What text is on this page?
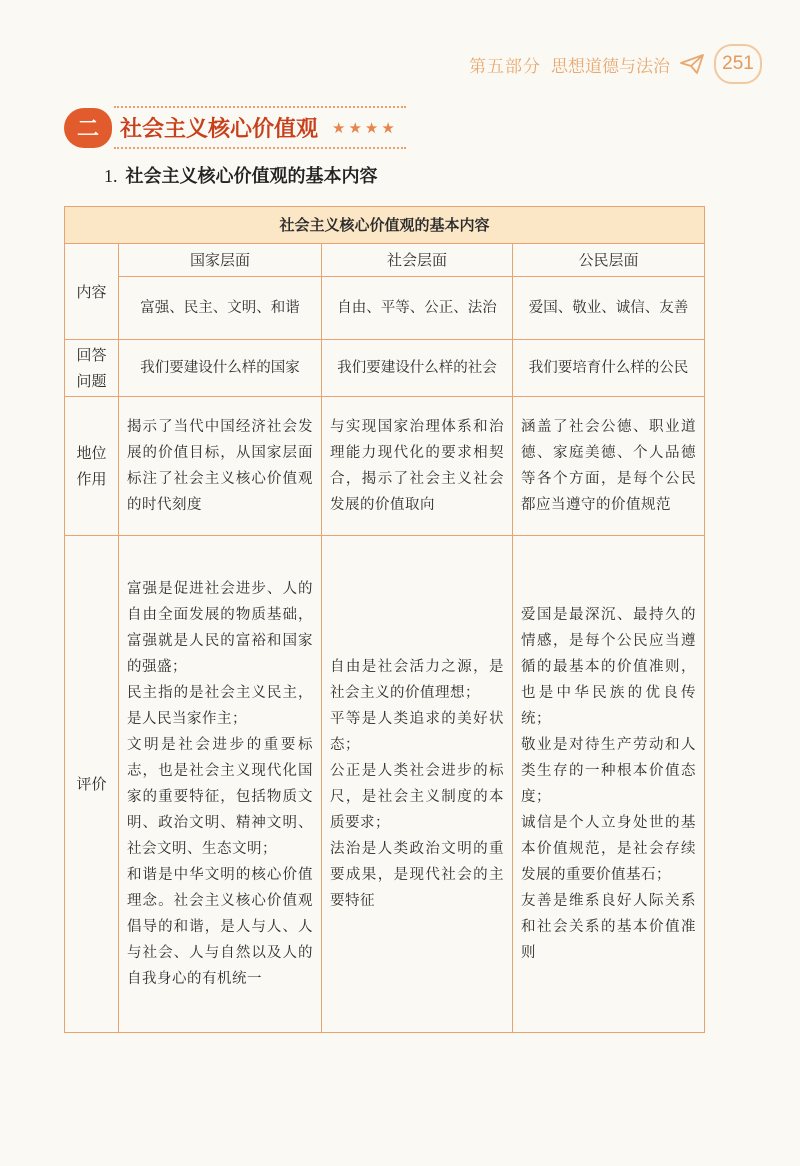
第五部分 思想道德与法治	251
二 社会主义核心价值观 ★★★★
1. 社会主义核心价值观的基本内容
社会主义核心价值观的基本内容			
内容	国家层面	社会层面	公民层面
	富强、民主、文明、和谐	自由、平等、公正、法治	爱国、敬业、诚信、友善
回答问题	我们要建设什么样的国家	我们要建设什么样的社会	我们要培育什么样的公民
地位作用	揭示了当代中国经济社会发展的价值目标，从国家层面标注了社会主义核心价值观的时代刻度	与实现国家治理体系和治理能力现代化的要求相契合，揭示了社会主义社会发展的价值取向	涵盖了社会公德、职业道德、家庭美德、个人品德等各个方面，是每个公民都应当遵守的价值规范
评价	富强是促进社会进步、人的自由全面发展的物质基础，富强就是人民的富裕和国家的强盛；
民主指的是社会主义民主，是人民当家作主；
文明是社会进步的重要标志，也是社会主义现代化国家的重要特征，包括物质文明、政治文明、精神文明、社会文明、生态文明；
和谐是中华文明的核心价值理念。社会主义核心价值观倡导的和谐，是人与人、人与社会、人与自然以及人的自我身心的有机统一	自由是社会活力之源，是社会主义的价值理想；
平等是人类追求的美好状态；
公正是人类社会进步的标尺，是社会主义制度的本质要求；
法治是人类政治文明的重要成果，是现代社会的主要特征	爱国是最深沉、最持久的情感，是每个公民应当遵循的最基本的价值准则，也是中华民族的优良传统；
敬业是对待生产劳动和人类生存的一种根本价值态度；
诚信是个人立身处世的基本价值规范，是社会存续发展的重要价值基石；
友善是维系良好人际关系和社会关系的基本价值准则
